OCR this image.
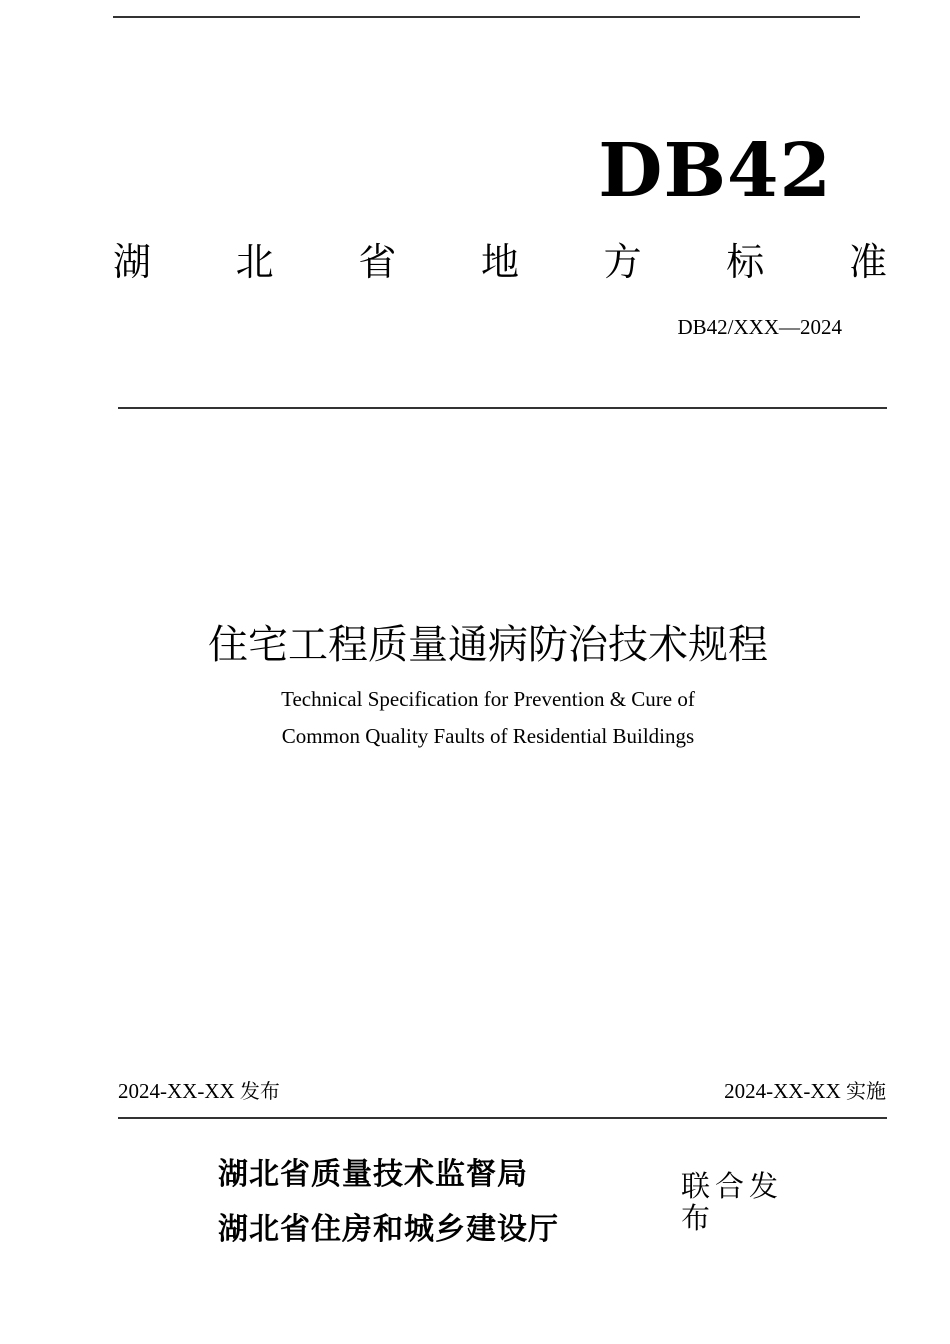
DB42
湖 北 省 地 方 标 准
DB42/XXX—2024
住宅工程质量通病防治技术规程
Technical Specification for Prevention & Cure of
Common Quality Faults of Residential Buildings
2024-XX-XX 发布	2024-XX-XX 实施
湖北省质量技术监督局
湖北省住房和城乡建设厅
联合发布
